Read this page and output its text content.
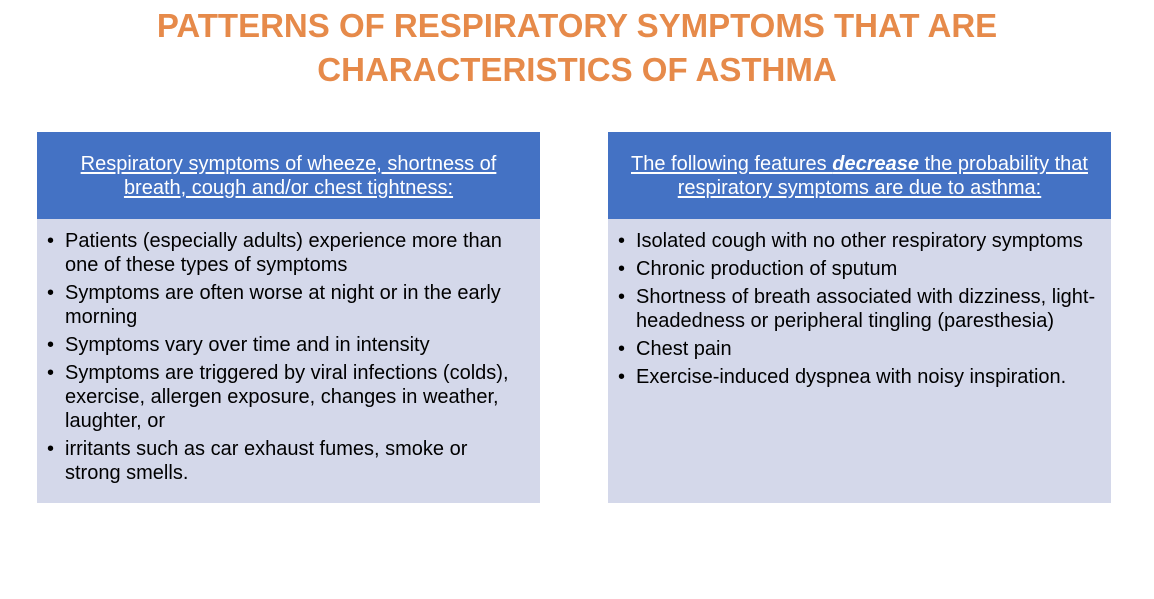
PATTERNS OF RESPIRATORY SYMPTOMS THAT ARE
CHARACTERISTICS OF ASTHMA
Respiratory symptoms of wheeze, shortness of breath, cough and/or chest tightness:
• Patients (especially adults) experience more than one of these types of symptoms
• Symptoms are often worse at night or in the early morning
• Symptoms vary over time and in intensity
• Symptoms are triggered by viral infections (colds), exercise, allergen exposure, changes in weather, laughter, or
• irritants such as car exhaust fumes, smoke or strong smells.
The following features decrease the probability that respiratory symptoms are due to asthma:
• Isolated cough with no other respiratory symptoms
• Chronic production of sputum
• Shortness of breath associated with dizziness, light-headedness or peripheral tingling (paresthesia)
• Chest pain
• Exercise-induced dyspnea with noisy inspiration.
